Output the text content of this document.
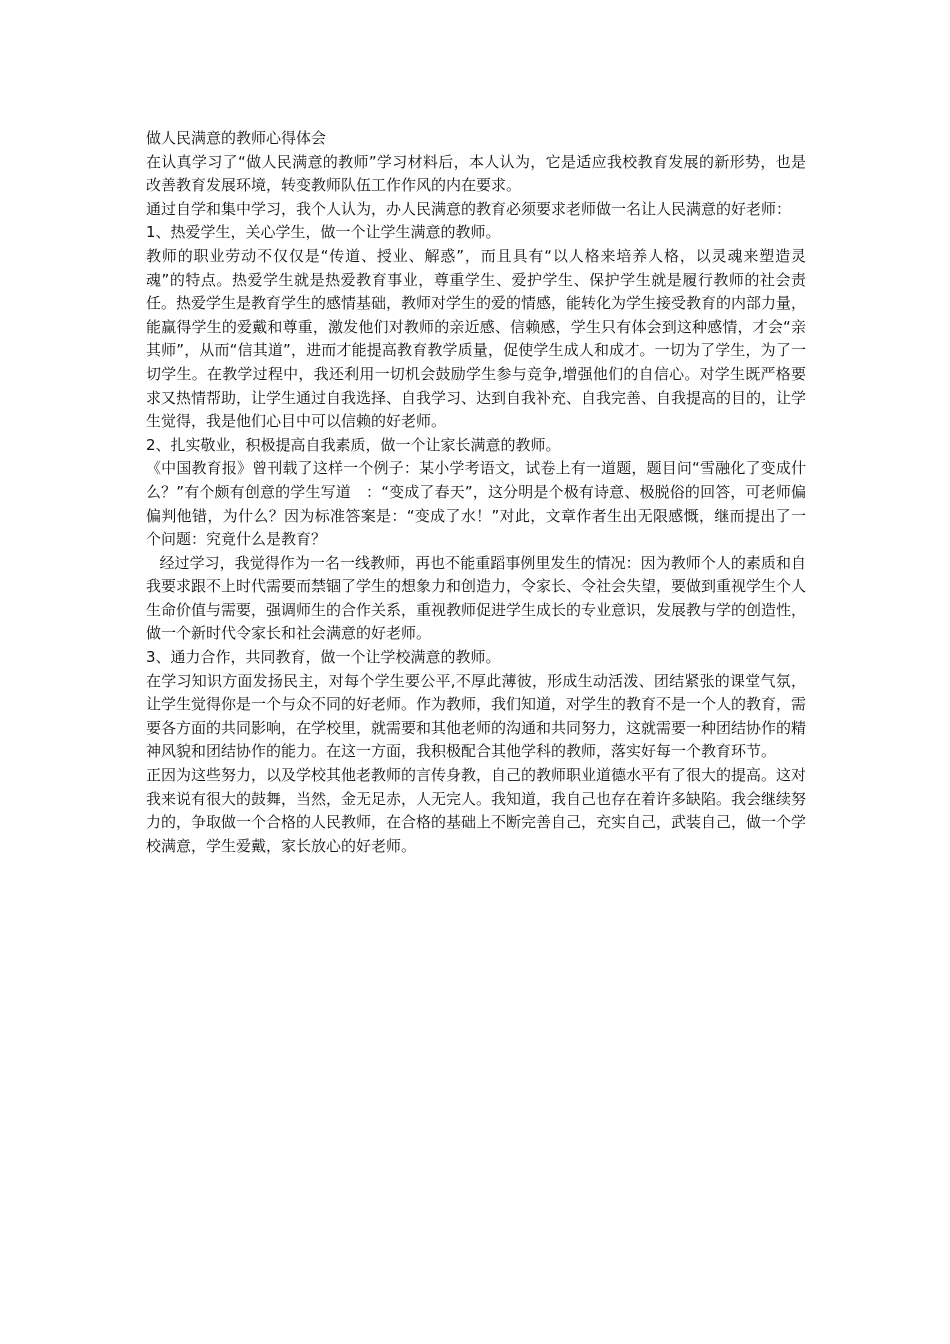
做人民满意的教师心得体会

在认真学习了“做人民满意的教师”学习材料后，本人认为，它是适应我校教育发展的新形势，也是改善教育发展环境，转变教师队伍工作作风的内在要求。

通过自学和集中学习，我个人认为，办人民满意的教育必须要求老师做一名让人民满意的好老师：

1、热爱学生，关心学生，做一个让学生满意的教师。

教师的职业劳动不仅仅是“传道、授业、解惑”，而且具有“以人格来培养人格，以灵魂来塑造灵魂”的特点。热爱学生就是热爱教育事业，尊重学生、爱护学生、保护学生就是履行教师的社会责任。热爱学生是教育学生的感情基础，教师对学生的爱的情感，能转化为学生接受教育的内部力量，能赢得学生的爱戴和尊重，激发他们对教师的亲近感、信赖感，学生只有体会到这种感情，才会“亲其师”，从而“信其道”，进而才能提高教育教学质量，促使学生成人和成才。一切为了学生，为了一切学生。在教学过程中，我还利用一切机会鼓励学生参与竞争,增强他们的自信心。对学生既严格要求又热情帮助，让学生通过自我选择、自我学习、达到自我补充、自我完善、自我提高的目的，让学生觉得，我是他们心目中可以信赖的好老师。

2、扎实敬业，积极提高自我素质，做一个让家长满意的教师。

《中国教育报》曾刊载了这样一个例子：某小学考语文，试卷上有一道题，题目问“雪融化了变成什么？”有个颇有创意的学生写道　：“变成了春天”，这分明是个极有诗意、极脱俗的回答，可老师偏偏判他错，为什么？因为标准答案是：“变成了水！”对此，文章作者生出无限感慨，继而提出了一个问题：究竟什么是教育？

经过学习，我觉得作为一名一线教师，再也不能重蹈事例里发生的情况：因为教师个人的素质和自我要求跟不上时代需要而禁锢了学生的想象力和创造力，令家长、令社会失望，要做到重视学生个人生命价值与需要，强调师生的合作关系，重视教师促进学生成长的专业意识，发展教与学的创造性，做一个新时代令家长和社会满意的好老师。

3、通力合作，共同教育，做一个让学校满意的教师。

在学习知识方面发扬民主，对每个学生要公平,不厚此薄彼，形成生动活泼、团结紧张的课堂气氛，让学生觉得你是一个与众不同的好老师。作为教师，我们知道，对学生的教育不是一个人的教育，需要各方面的共同影响，在学校里，就需要和其他老师的沟通和共同努力，这就需要一种团结协作的精神风貌和团结协作的能力。在这一方面，我积极配合其他学科的教师，落实好每一个教育环节。

正因为这些努力，以及学校其他老教师的言传身教，自己的教师职业道德水平有了很大的提高。这对我来说有很大的鼓舞，当然，金无足赤，人无完人。我知道，我自己也存在着许多缺陷。我会继续努力的，争取做一个合格的人民教师，在合格的基础上不断完善自己，充实自己，武装自己，做一个学校满意，学生爱戴，家长放心的好老师。
